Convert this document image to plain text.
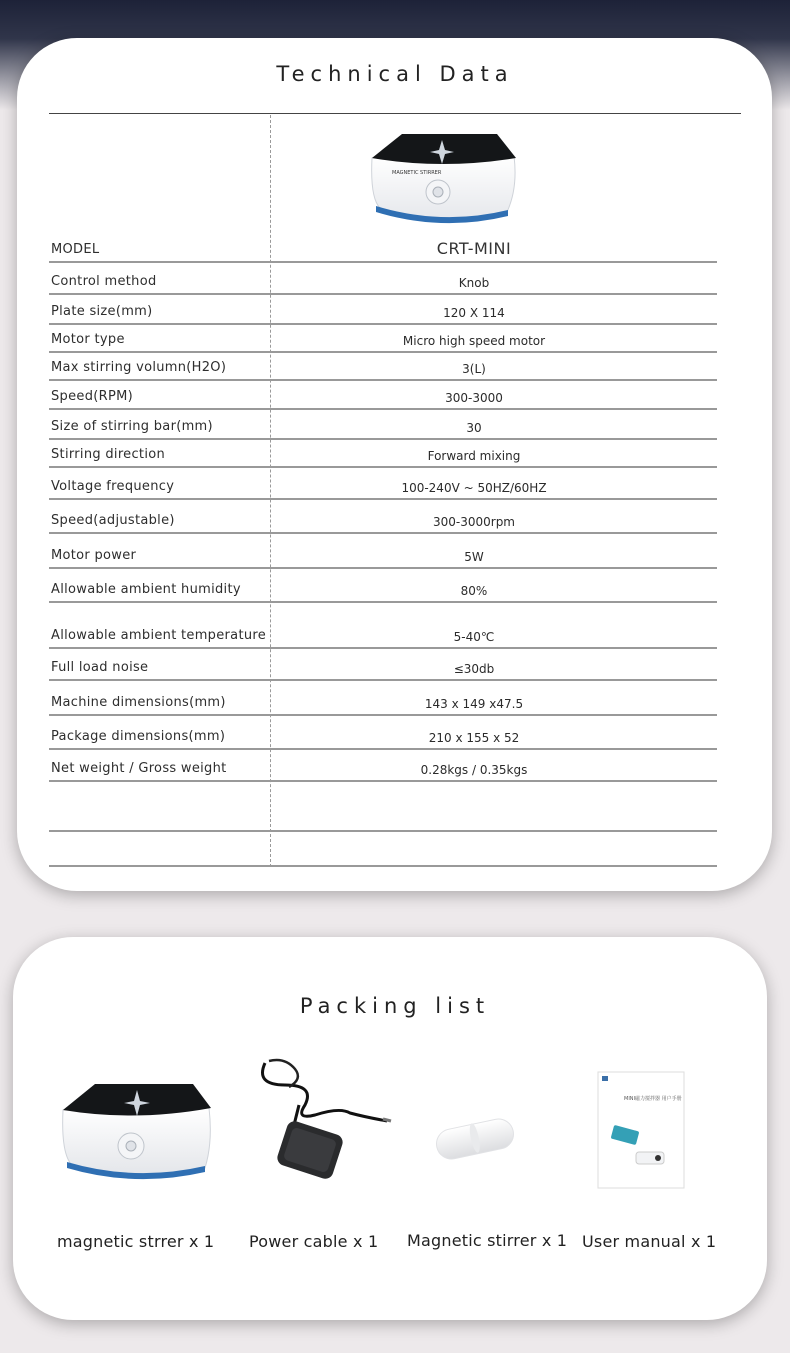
Technical Data
MAGNETIC STIRRER
MODEL	CRT-MINI
Control method	Knob
Plate size(mm)	120 X 114
Motor type	Micro high speed motor
Max stirring volumn(H2O)	3(L)
Speed(RPM)	300-3000
Size of stirring bar(mm)	30
Stirring direction	Forward mixing
Voltage frequency	100-240V ~ 50HZ/60HZ
Speed(adjustable)	300-3000rpm
Motor power	5W
Allowable ambient humidity	80%
Allowable ambient temperature	5-40℃
Full load noise	≤30db
Machine dimensions(mm)	143 x 149 x47.5
Package dimensions(mm)	210 x 155 x 52
Net weight / Gross weight	0.28kgs / 0.35kgs
Packing list
MINI磁力搅拌器 用户手册
magnetic strrer x 1 Power cable x 1 Magnetic stirrer x 1 User manual x 1
